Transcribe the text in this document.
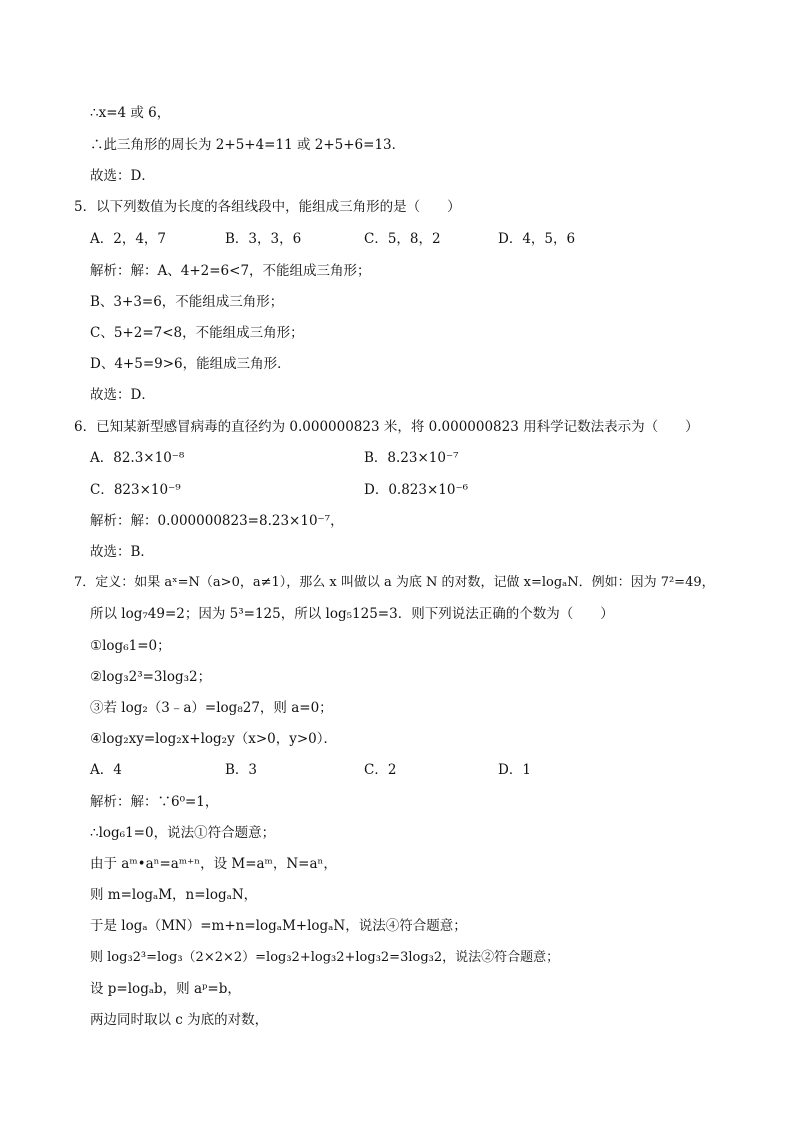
∴x=4 或 6，
∴此三角形的周长为 2+5+4=11 或 2+5+6=13．
故选：D．
5．以下列数值为长度的各组线段中，能组成三角形的是（　　）
A．2，4，7	B．3，3，6	C．5，8，2	D．4，5，6
解析：解：A、4+2=6<7，不能组成三角形；
B、3+3=6，不能组成三角形；
C、5+2=7<8，不能组成三角形；
D、4+5=9>6，能组成三角形．
故选：D．
6．已知某新型感冒病毒的直径约为 0.000000823 米，将 0.000000823 用科学记数法表示为（　　）
A．82.3×10⁻⁸	B．8.23×10⁻⁷
C．823×10⁻⁹	D．0.823×10⁻⁶
解析：解：0.000000823=8.23×10⁻⁷，
故选：B．
7．定义：如果 aˣ=N（a>0，a≠1），那么 x 叫做以 a 为底 N 的对数，记做 x=logₐN．例如：因为 7²=49，
所以 log₇49=2；因为 5³=125，所以 log₅125=3．则下列说法正确的个数为（　　）
①log₆1=0；
②log₃2³=3log₃2；
③若 log₂（3﹣a）=log₈27，则 a=0；
④log₂xy=log₂x+log₂y（x>0，y>0）．
A．4	B．3	C．2	D．1
解析：解：∵6⁰=1，
∴log₆1=0，说法①符合题意；
由于 aᵐ•aⁿ=aᵐ⁺ⁿ，设 M=aᵐ，N=aⁿ，
则 m=logₐM，n=logₐN，
于是 logₐ（MN）=m+n=logₐM+logₐN，说法④符合题意；
则 log₃2³=log₃（2×2×2）=log₃2+log₃2+log₃2=3log₃2，说法②符合题意；
设 p=logₐb，则 aᵖ=b，
两边同时取以 c 为底的对数，
